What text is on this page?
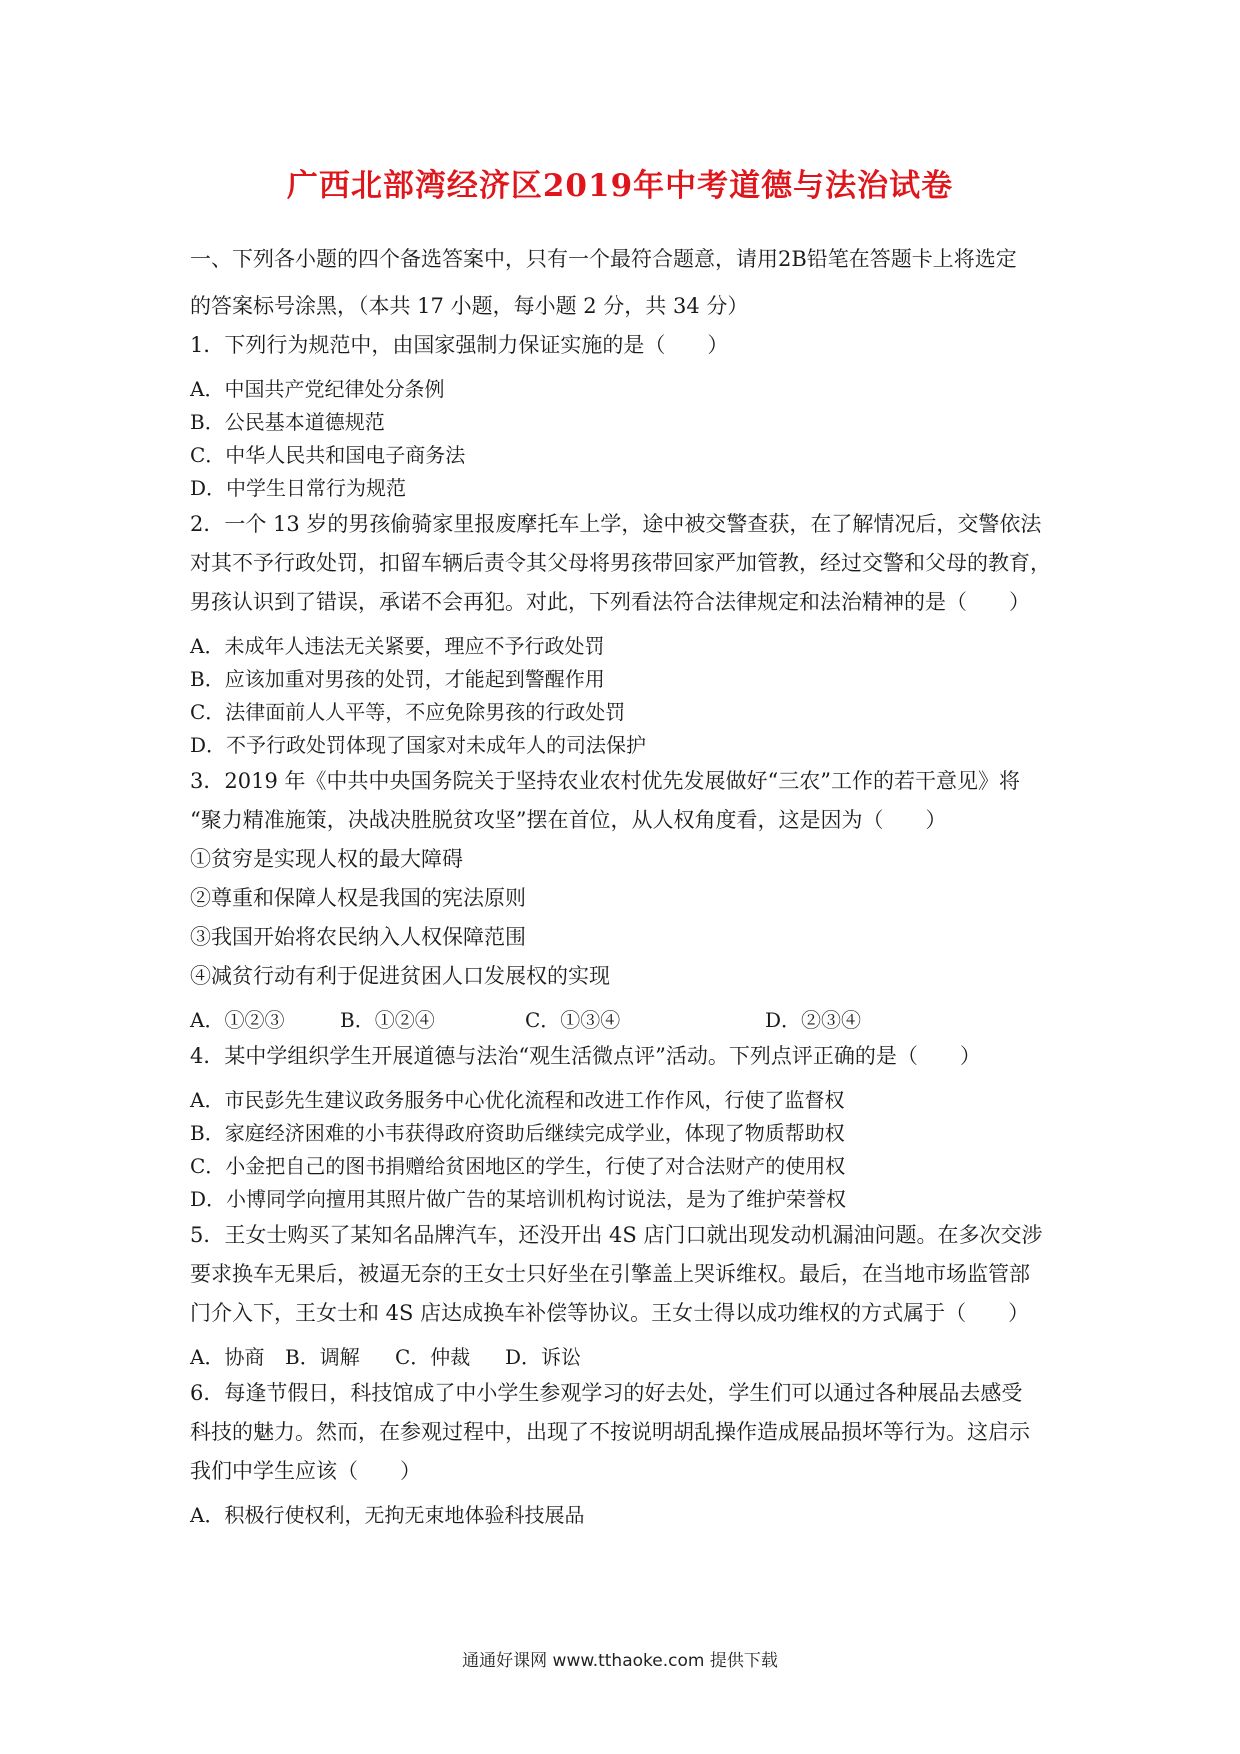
广西北部湾经济区2019年中考道德与法治试卷

一、下列各小题的四个备选答案中，只有一个最符合题意，请用2B铅笔在答题卡上将选定

的答案标号涂黑，（本共 17 小题，每小题 2 分，共 34 分）

1．下列行为规范中，由国家强制力保证实施的是（　　）

A．中国共产党纪律处分条例

B．公民基本道德规范

C．中华人民共和国电子商务法

D．中学生日常行为规范

2．一个 13 岁的男孩偷骑家里报废摩托车上学，途中被交警查获，在了解情况后，交警依法

对其不予行政处罚，扣留车辆后责令其父母将男孩带回家严加管教，经过交警和父母的教育，

男孩认识到了错误，承诺不会再犯。对此，下列看法符合法律规定和法治精神的是（　　）

A．未成年人违法无关紧要，理应不予行政处罚

B．应该加重对男孩的处罚，才能起到警醒作用

C．法律面前人人平等，不应免除男孩的行政处罚

D．不予行政处罚体现了国家对未成年人的司法保护

3．2019 年《中共中央国务院关于坚持农业农村优先发展做好“三农”工作的若干意见》将

“聚力精准施策，决战决胜脱贫攻坚”摆在首位，从人权角度看，这是因为（　　）

①贫穷是实现人权的最大障碍

②尊重和保障人权是我国的宪法原则

③我国开始将农民纳入人权保障范围

④减贫行动有利于促进贫困人口发展权的实现

A．①②③	B．①②④	C．①③④	D．②③④

4．某中学组织学生开展道德与法治“观生活微点评”活动。下列点评正确的是（　　）

A．市民彭先生建议政务服务中心优化流程和改进工作作风，行使了监督权

B．家庭经济困难的小韦获得政府资助后继续完成学业，体现了物质帮助权

C．小金把自己的图书捐赠给贫困地区的学生，行使了对合法财产的使用权

D．小博同学向擅用其照片做广告的某培训机构讨说法，是为了维护荣誉权

5．王女士购买了某知名品牌汽车，还没开出 4S 店门口就出现发动机漏油问题。在多次交涉

要求换车无果后，被逼无奈的王女士只好坐在引擎盖上哭诉维权。最后，在当地市场监管部

门介入下，王女士和 4S 店达成换车补偿等协议。王女士得以成功维权的方式属于（　　）

A．协商 B．调解 C．仲裁 D．诉讼

6．每逢节假日，科技馆成了中小学生参观学习的好去处，学生们可以通过各种展品去感受

科技的魅力。然而，在参观过程中，出现了不按说明胡乱操作造成展品损坏等行为。这启示

我们中学生应该（　　）

A．积极行使权利，无拘无束地体验科技展品

通通好课网 www.tthaoke.com 提供下载
